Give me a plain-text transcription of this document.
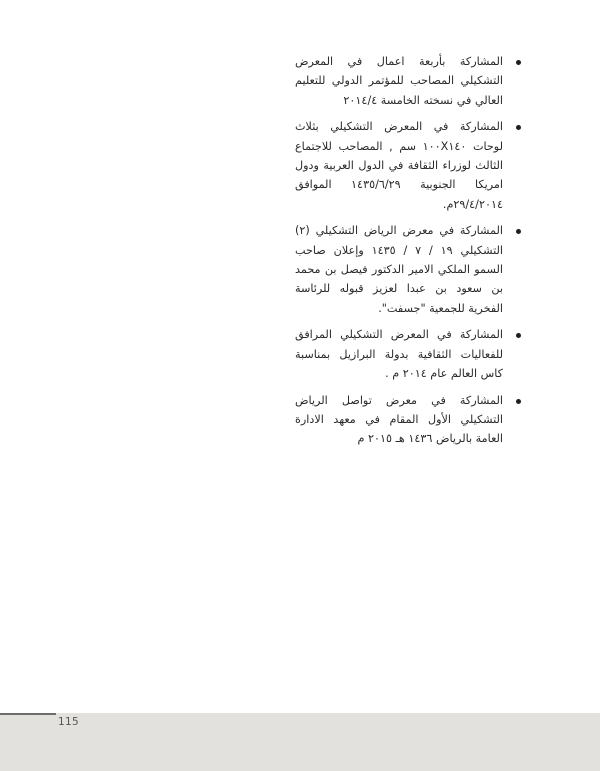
المشاركة بأربعة اعمال في المعرض التشكيلي المصاحب للمؤتمر الدولي للتعليم العالي في نسخته الخامسة ٢٠١٤/٤
المشاركة في المعرض التشكيلي بثلاث لوحات ١٠٠X١٤٠ سم , المصاحب للاجتماع الثالث لوزراء الثقافة في الدول العربية ودول امريكا الجنوبية ١٤٣٥/٦/٢٩ الموافق ٢٩/٤/٢٠١٤م.
المشاركة في معرض الرياض التشكيلي (٢) التشكيلي ١٩ / ٧ / ١٤٣٥ وإعلان صاحب السمو الملكي الامير الدكتور فيصل بن محمد بن سعود بن عبدا لعزيز قبوله للرئاسة الفخرية للجمعية "جسفت".
المشاركة في المعرض التشكيلي المرافق للفعاليات الثقافية بدولة البرازيل بمناسبة كاس العالم عام ٢٠١٤ م .
المشاركة في معرض تواصل الرياض التشكيلي الأول المقام في معهد الادارة العامة بالرياض ١٤٣٦ هـ ٢٠١٥ م
115
